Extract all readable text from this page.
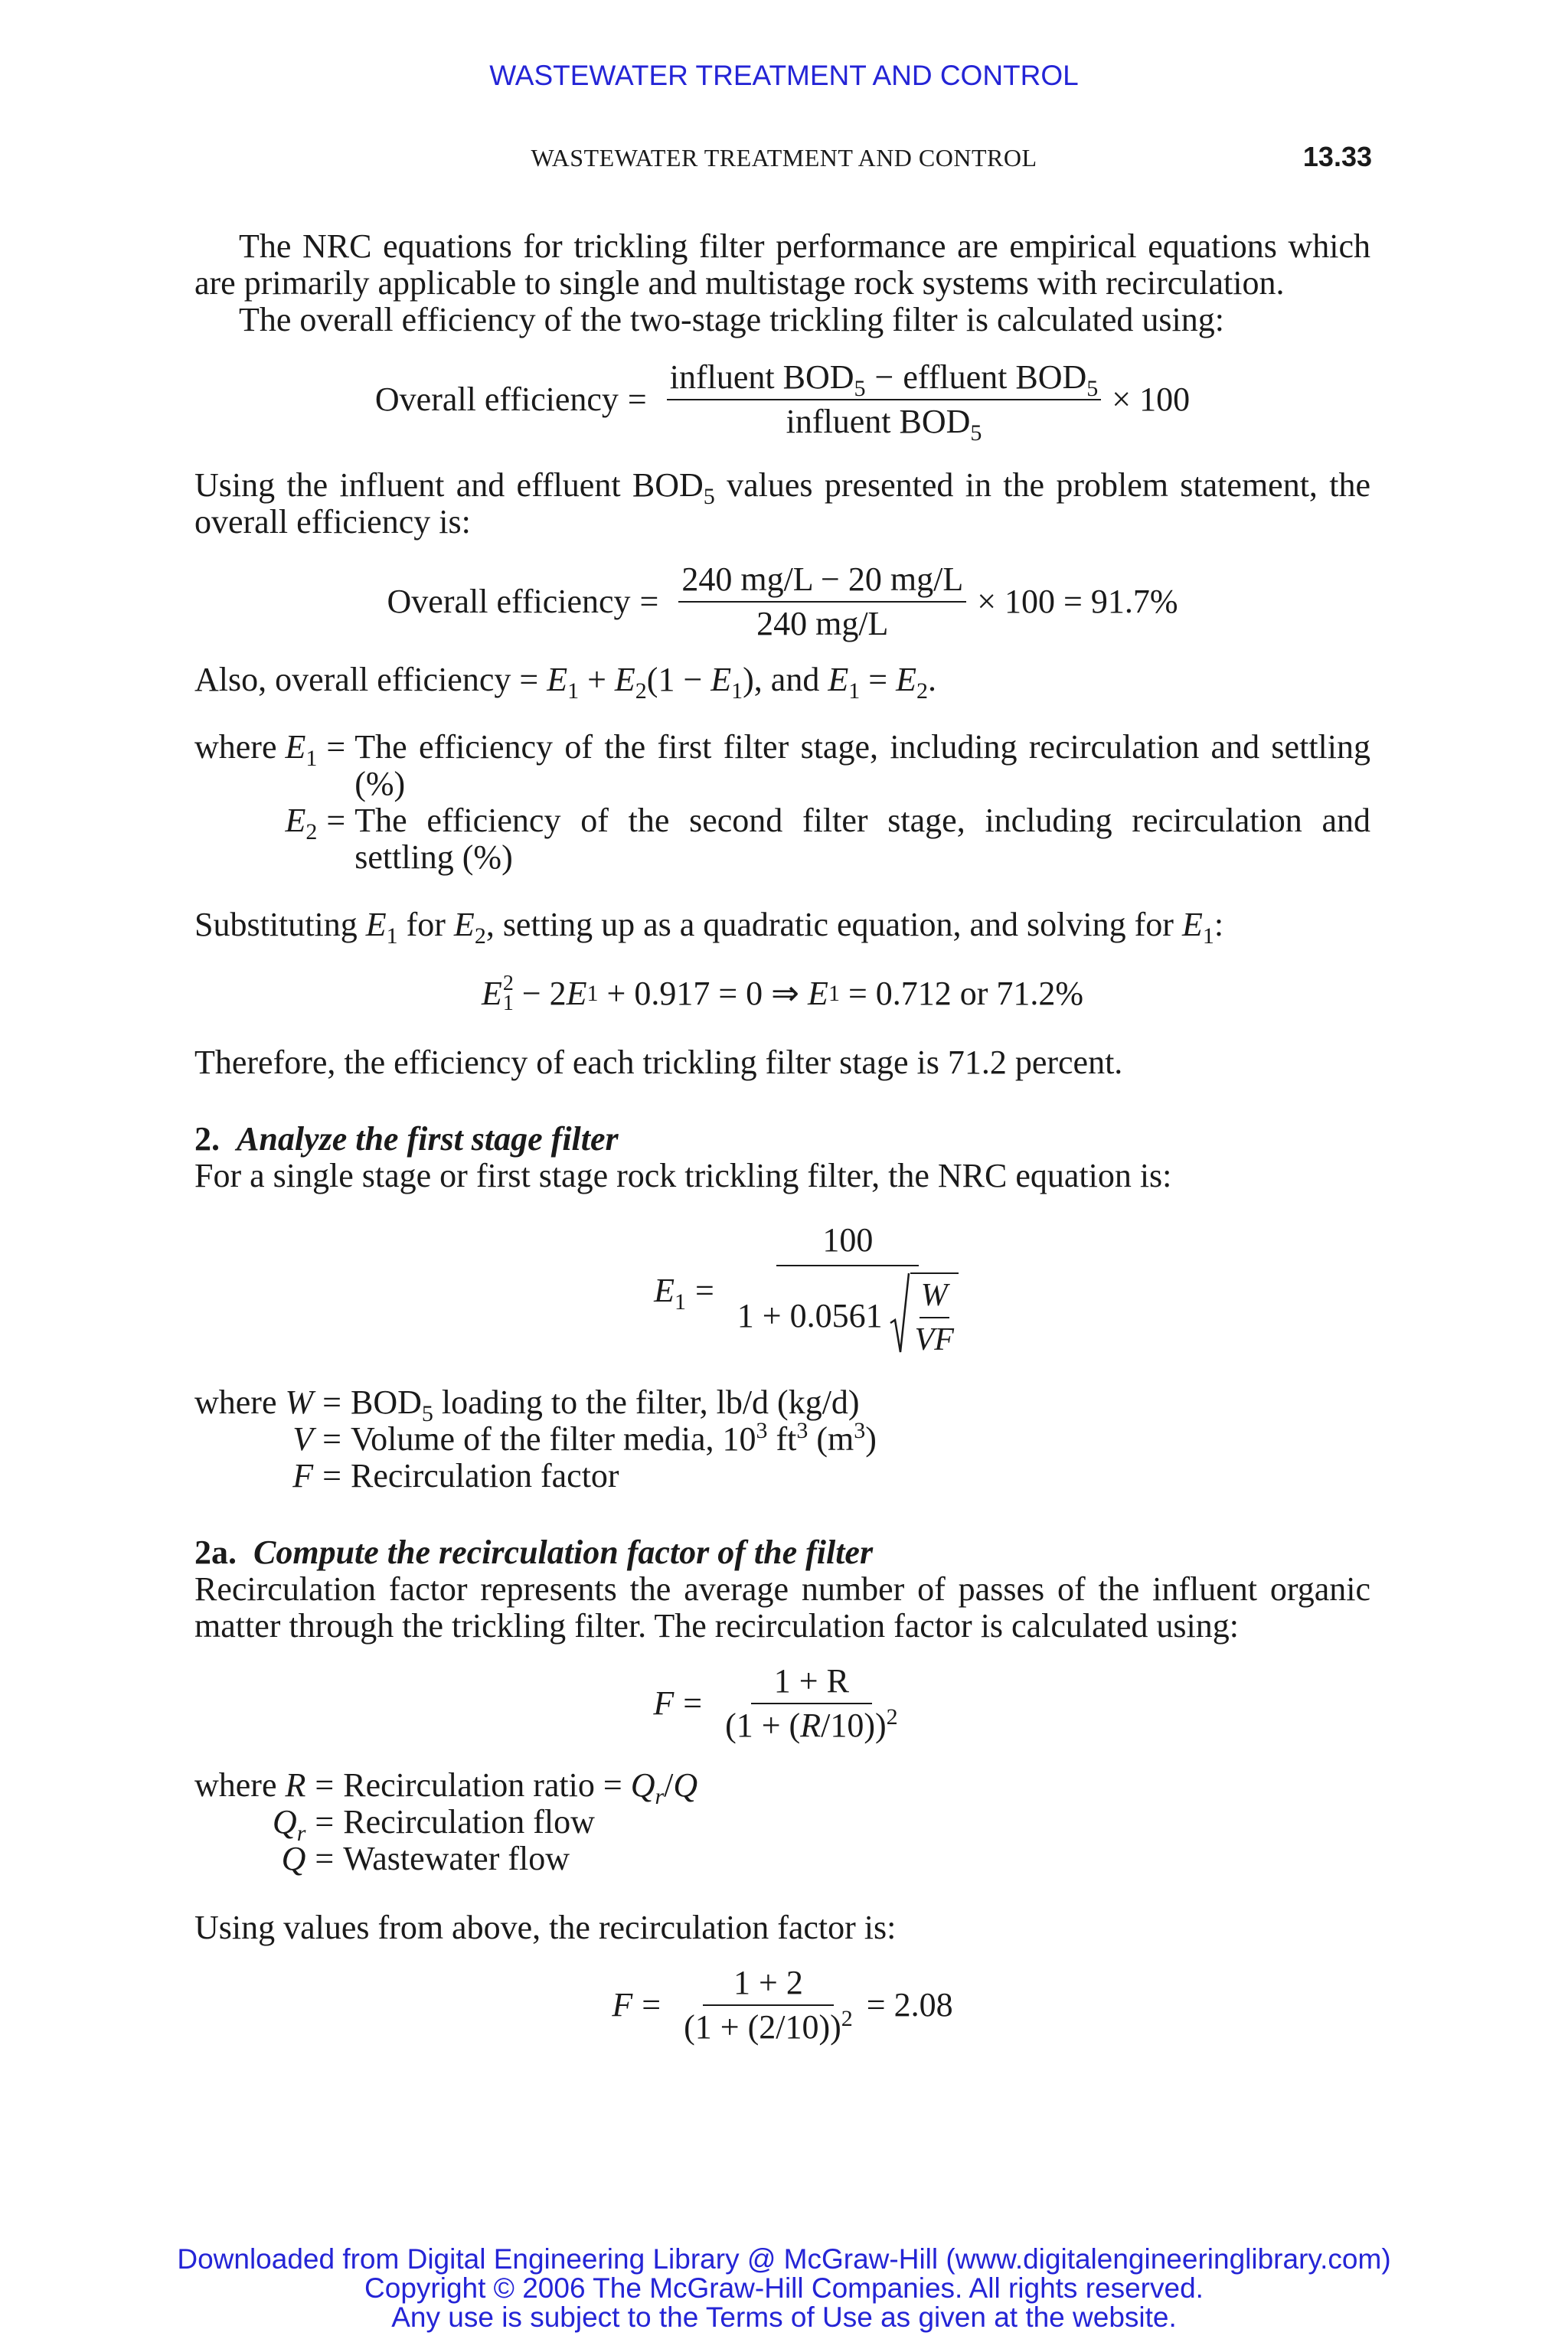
WASTEWATER TREATMENT AND CONTROL
WASTEWATER TREATMENT AND CONTROL	13.33

The NRC equations for trickling filter performance are empirical equations which are primarily applicable to single and multistage rock systems with recirculation.

The overall efficiency of the two-stage trickling filter is calculated using:

Overall efficiency = $\frac{influent BOD_5 - effluent BOD_5}{influent BOD_5} \times 100$

Using the influent and effluent $BOD_5$ values presented in the problem statement, the overall efficiency is:

Overall efficiency = $\frac{240 mg/L - 20 mg/L}{240 mg/L} \times 100 = 91.7\%$

Also, overall efficiency = $E_1 + E_2(1 - E_1)$, and $E_1 = E_2$.

where $E_1$ = The efficiency of the first filter stage, including recirculation and settling (%)
$E_2$ = The efficiency of the second filter stage, including recirculation and settling (%)

Substituting $E_1$ for $E_2$, setting up as a quadratic equation, and solving for $E_1$:

E 2
1 − 2 E 1 + 0.917 = 0 ⇒ E 1 = 0.712 or 71.2%

Therefore, the efficiency of each trickling filter stage is 71.2 percent.

2. Analyze the first stage filter

For a single stage or first stage rock trickling filter, the NRC equation is:

$E_1$ =
100
$1 + 0.0561 \frac{W}{VF}$
where $W = BOD_5$ loading to the filter, lb/d (kg/d)
V = Volume of the filter media, $10^3$ $ft^3$ $(m^3)$
F = Recirculation factor

2a. Compute the recirculation factor of the filter

Recirculation factor represents the average number of passes of the influent organic matter through the trickling filter. The recirculation factor is calculated using:

$F = \frac{1 + R}{(1 + (R/10))^2}$
where R = Recirculation ratio = $Q_r/Q$
$Q_r$ = Recirculation flow
Q = Wastewater flow

Using values from above, the recirculation factor is:

$F = \frac{1 + 2}{(1 + (2/10))^2} = 2.08$
Downloaded from Digital Engineering Library @ McGraw-Hill (www.digitalengineeringlibrary.com)
Copyright © 2006 The McGraw-Hill Companies. All rights reserved.
Any use is subject to the Terms of Use as given at the website.
